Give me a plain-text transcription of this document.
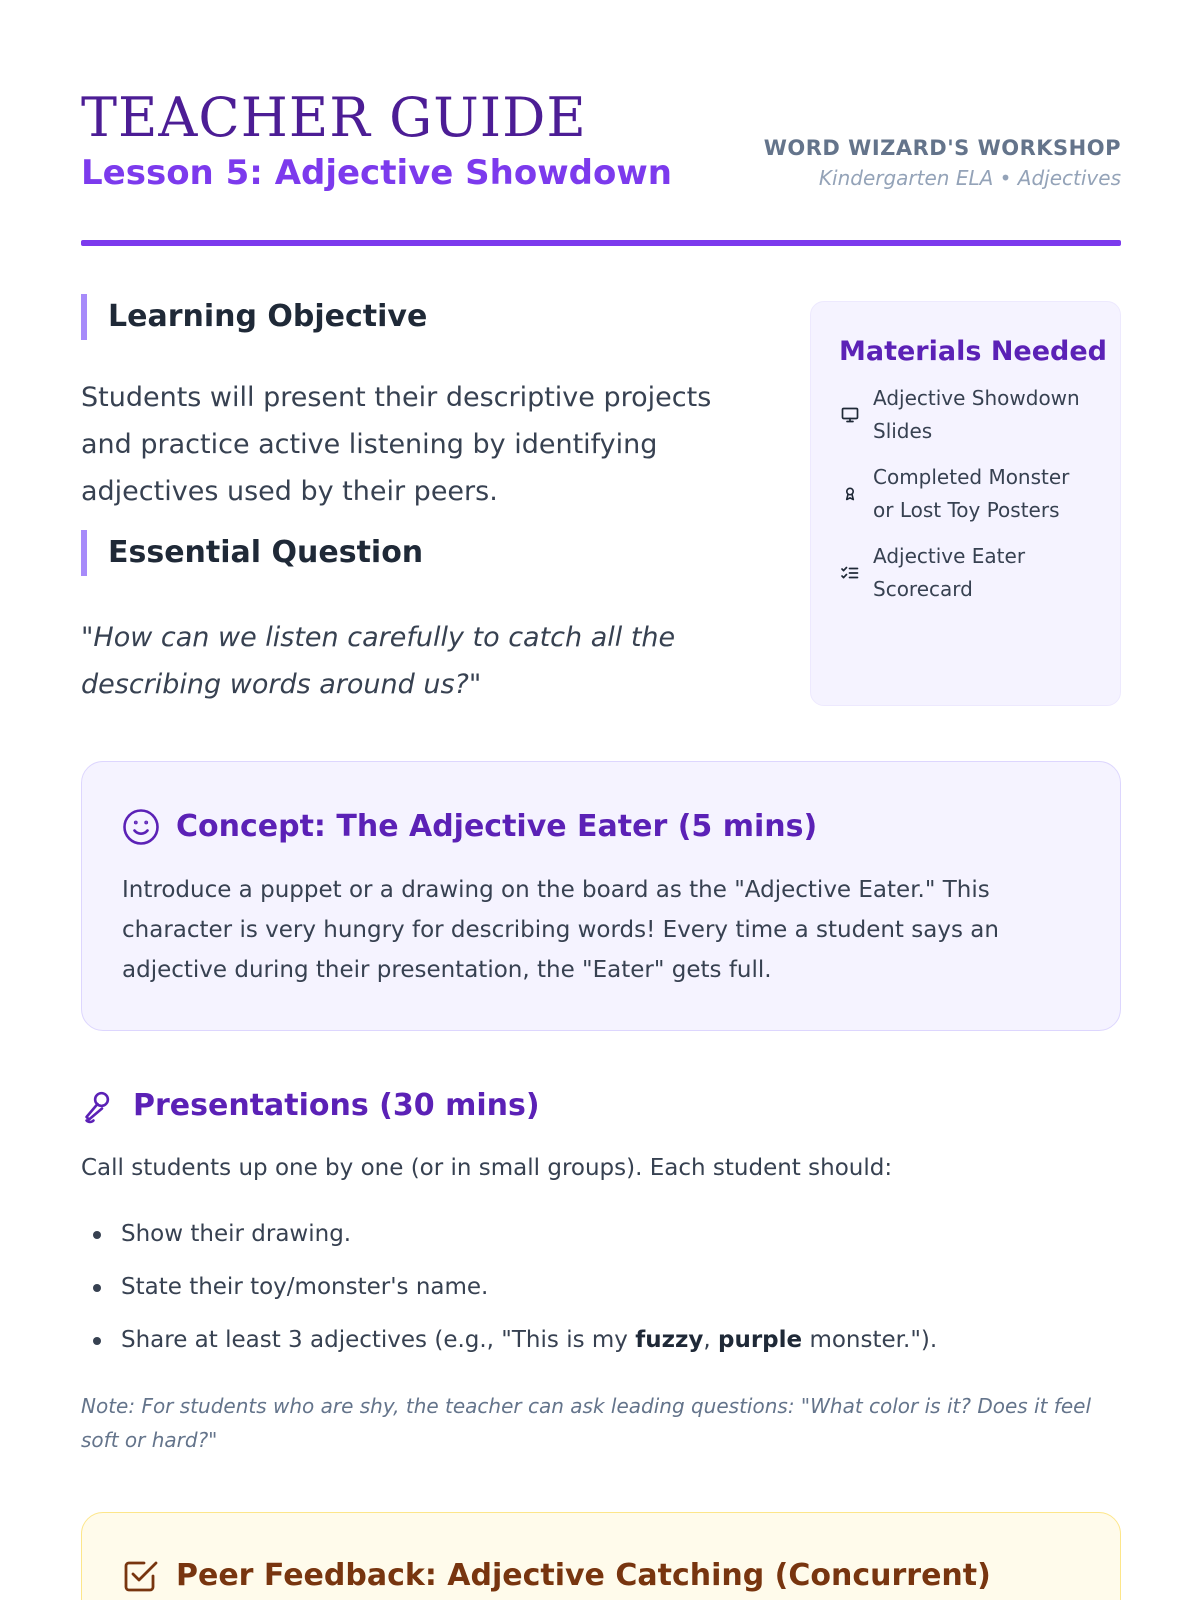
TEACHER GUIDE
Lesson 5: Adjective Showdown
WORD WIZARD'S WORKSHOP
Kindergarten ELA • Adjectives
Learning Objective

Students will present their descriptive projects and practice active listening by identifying adjectives used by their peers.

Essential Question

"How can we listen carefully to catch all the describing words around us?"

Materials Needed
Adjective Showdown Slides
Completed Monster or Lost Toy Posters
Adjective Eater Scorecard
Concept: The Adjective Eater (5 mins)

Introduce a puppet or a drawing on the board as the "Adjective Eater." This character is very hungry for describing words! Every time a student says an adjective during their presentation, the "Eater" gets full.

Presentations (30 mins)

Call students up one by one (or in small groups). Each student should:

Show their drawing.
State their toy/monster's name.
Share at least 3 adjectives (e.g., "This is my fuzzy, purple monster.").

Note: For students who are shy, the teacher can ask leading questions: "What color is it? Does it feel soft or hard?"

Peer Feedback: Adjective Catching (Concurrent)
